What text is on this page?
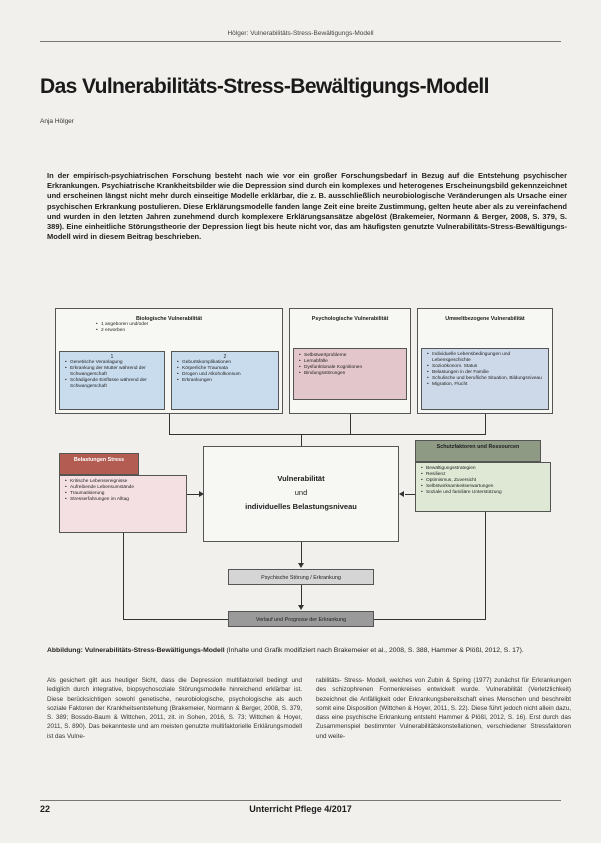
Hölger: Vulnerabilitäts-Stress-Bewältigungs-Modell
Das Vulnerabilitäts-Stress-Bewältigungs-Modell
Anja Hölger
In der empirisch-psychiatrischen Forschung besteht nach wie vor ein großer Forschungsbedarf in Bezug auf die Entstehung psychischer Erkrankungen. Psychiatrische Krankheitsbilder wie die Depression sind durch ein komplexes und heterogenes Erscheinungsbild gekennzeichnet und erscheinen längst nicht mehr durch einseitige Modelle erklärbar, die z. B. ausschließlich neurobiologische Veränderungen als Ursache einer psychischen Erkrankung postulieren. Diese Erklärungsmodelle fanden lange Zeit eine breite Zustimmung, gelten heute aber als zu vereinfachend und wurden in den letzten Jahren zunehmend durch komplexere Erklärungsansätze abgelöst (Brakemeier, Normann & Berger, 2008, S. 379, S. 389). Eine einheitliche Störungstheorie der Depression liegt bis heute nicht vor, das am häufigsten genutzte Vulnerabilitäts-Stress-Bewältigungs-Modell wird in diesem Beitrag beschrieben.
Biologische Vulnerabilität
• 1 angeboren und/oder
• 2 erworben
1
• Genetische Veranlagung
• Erkrankung der Mutter während der Schwangerschaft
• Schädigende Einflüsse während der Schwangerschaft
2
• Geburtskomplikationen
• Körperliche Traumata
• Drogen und Alkoholkonsum
• Erkrankungen
Psychologische Vulnerabilität
• Selbstwertprobleme
• Lernabfälle
• Dysfunktionale Kognitionen
• Bindungsstörungen
Umweltbezogene Vulnerabilität
• Individuelle Lebensbedingungen und Lebensgeschichte
• Sozioökonom. Status
• Belastungen in der Familie
• Schulische und berufliche Situation, Bildungsniveau
• Migration, Flucht
Belastungen Stress
• Kritische Lebensereignisse
• Aufreibende Lebensumstände
• Traumatisierung
• Stresserfahrungen im Alltag
Vulnerabilität
und
individuelles Belastungsniveau
Schutzfaktoren und Ressourcen
• Bewältigungsstrategien
• Resilienz
• Optimismus, Zuversicht
• Selbstwirksamkeitserwartungen
• Soziale und familiäre Unterstützung
Psychische Störung / Erkrankung
Verlauf und Prognose der Erkrankung
Abbildung: Vulnerabilitäts-Stress-Bewältigungs-Modell (Inhalte und Grafik modifiziert nach Brakemeier et al., 2008, S. 388, Hammer & Plößl, 2012, S. 17).
Als gesichert gilt aus heutiger Sicht, dass die Depression multifaktoriell bedingt und lediglich durch integrative, biopsychosoziale Störungsmodelle hinreichend erklärbar ist. Diese berücksichtigen sowohl genetische, neurobiologische, psychologische als auch soziale Faktoren der Krankheitsentstehung (Brakemeier, Normann & Berger, 2008, S. 379, S. 389; Bossdo-Baum & Wittchen, 2011, zit. in Sohen, 2016, S. 73; Wittchen & Hoyer, 2011, S. 890). Das bekannteste und am meisten genutzte multifaktorielle Erklärungsmodell ist das Vulne-
rabilitäts- Stress- Modell, welches von Zubin & Spring (1977) zunächst für Erkrankungen des schizophrenen Formenkreises entwickelt wurde. Vulnerabilität (Verletzlichkeit) bezeichnet die Anfälligkeit oder Erkrankungsbereitschaft eines Menschen und beschreibt somit eine Disposition (Wittchen & Hoyer, 2011, S. 22). Diese führt jedoch nicht allein dazu, dass eine psychische Erkrankung entsteht Hammer & Plößl, 2012, S. 16). Erst durch das Zusammenspiel bestimmter Vulnerabilitätskonstellationen, verschiedener Stressfaktoren und weite-
22	Unterricht Pflege 4/2017
